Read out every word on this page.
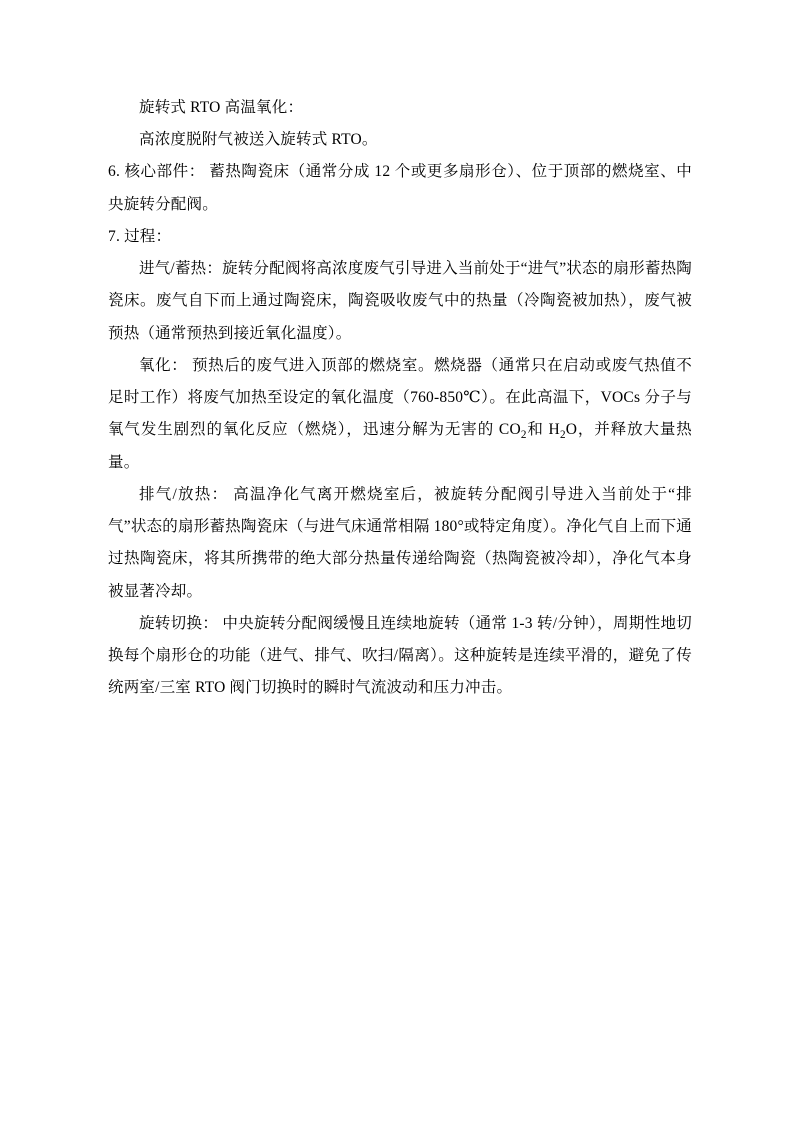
旋转式 RTO 高温氧化：

高浓度脱附气被送入旋转式 RTO。

6. 核心部件： 蓄热陶瓷床（通常分成 12 个或更多扇形仓）、位于顶部的燃烧室、中央旋转分配阀。

7. 过程：

进气/蓄热：旋转分配阀将高浓度废气引导进入当前处于“进气”状态的扇形蓄热陶瓷床。废气自下而上通过陶瓷床，陶瓷吸收废气中的热量（冷陶瓷被加热），废气被预热（通常预热到接近氧化温度）。

氧化： 预热后的废气进入顶部的燃烧室。燃烧器（通常只在启动或废气热值不足时工作）将废气加热至设定的氧化温度（760-850℃）。在此高温下，VOCs 分子与氧气发生剧烈的氧化反应（燃烧），迅速分解为无害的 $CO_2$和 $H_2O$，并释放大量热量。

排气/放热： 高温净化气离开燃烧室后，被旋转分配阀引导进入当前处于“排气”状态的扇形蓄热陶瓷床（与进气床通常相隔 180°或特定角度）。净化气自上而下通过热陶瓷床，将其所携带的绝大部分热量传递给陶瓷（热陶瓷被冷却），净化气本身被显著冷却。

旋转切换： 中央旋转分配阀缓慢且连续地旋转（通常 1-3 转/分钟），周期性地切换每个扇形仓的功能（进气、排气、吹扫/隔离）。这种旋转是连续平滑的，避免了传统两室/三室 RTO 阀门切换时的瞬时气流波动和压力冲击。
